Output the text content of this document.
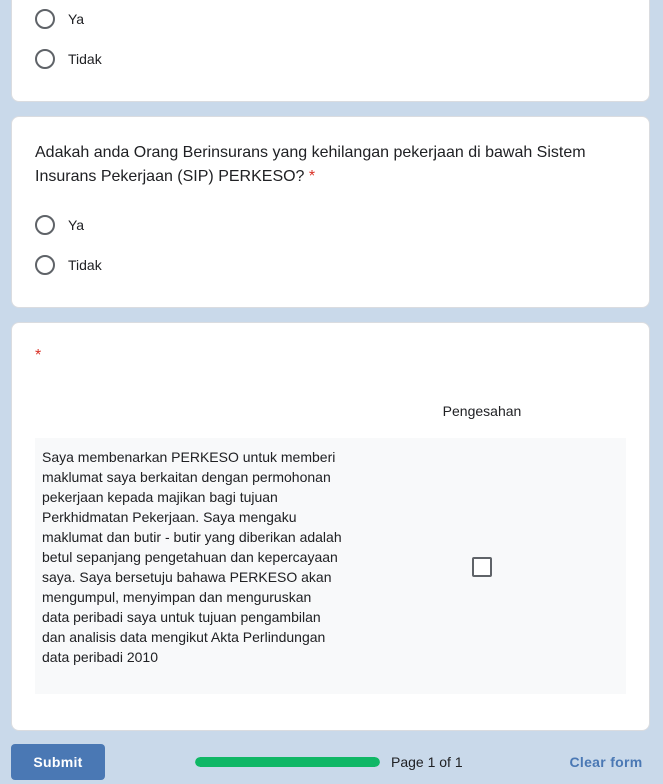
Ya
Tidak
Adakah anda Orang Berinsurans yang kehilangan pekerjaan di bawah Sistem Insurans Pekerjaan (SIP) PERKESO? *
Ya
Tidak
*
Pengesahan
Saya membenarkan PERKESO untuk memberi maklumat saya berkaitan dengan permohonan pekerjaan kepada majikan bagi tujuan Perkhidmatan Pekerjaan. Saya mengaku maklumat dan butir - butir yang diberikan adalah betul sepanjang pengetahuan dan kepercayaan saya. Saya bersetuju bahawa PERKESO akan mengumpul, menyimpan dan menguruskan data peribadi saya untuk tujuan pengambilan dan analisis data mengikut Akta Perlindungan data peribadi 2010
Submit	Page 1 of 1	Clear form
